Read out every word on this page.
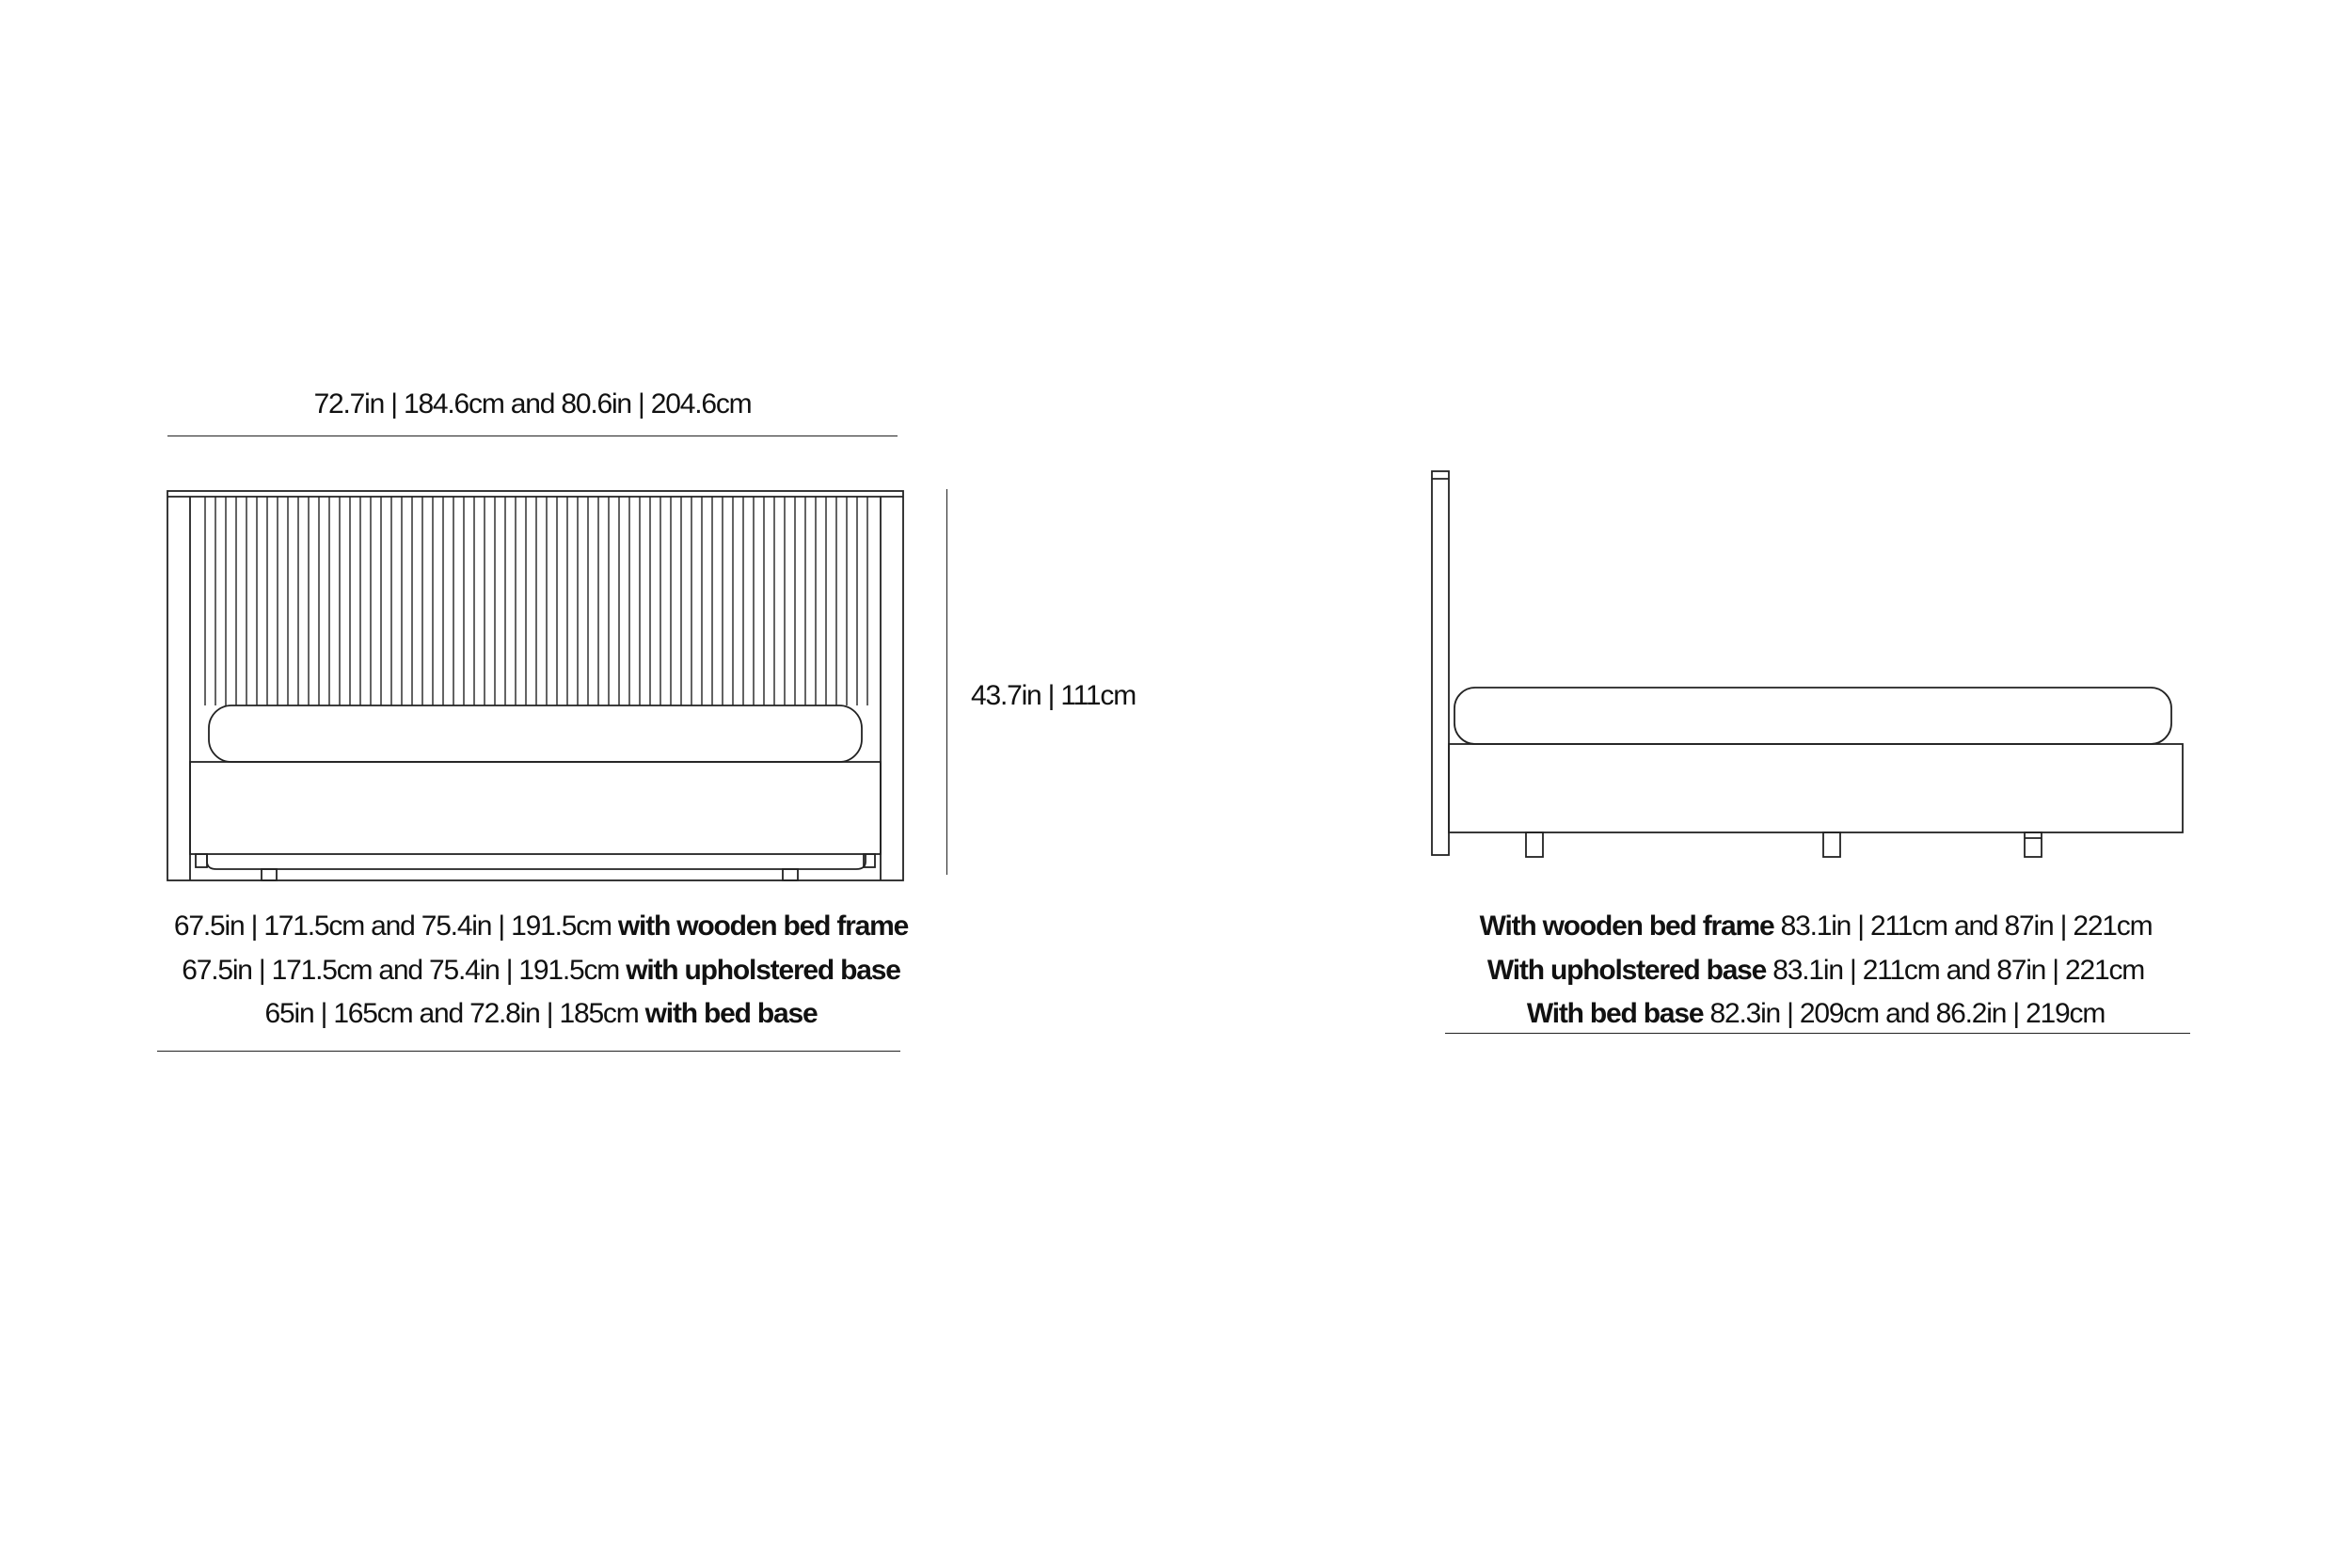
72.7in | 184.6cm and 80.6in | 204.6cm
43.7in | 111cm
67.5in | 171.5cm and 75.4in | 191.5cm with wooden bed frame
67.5in | 171.5cm and 75.4in | 191.5cm with upholstered base
65in | 165cm and 72.8in | 185cm with bed base
With wooden bed frame 83.1in | 211cm and 87in | 221cm
With upholstered base 83.1in | 211cm and 87in | 221cm
With bed base 82.3in | 209cm and 86.2in | 219cm
